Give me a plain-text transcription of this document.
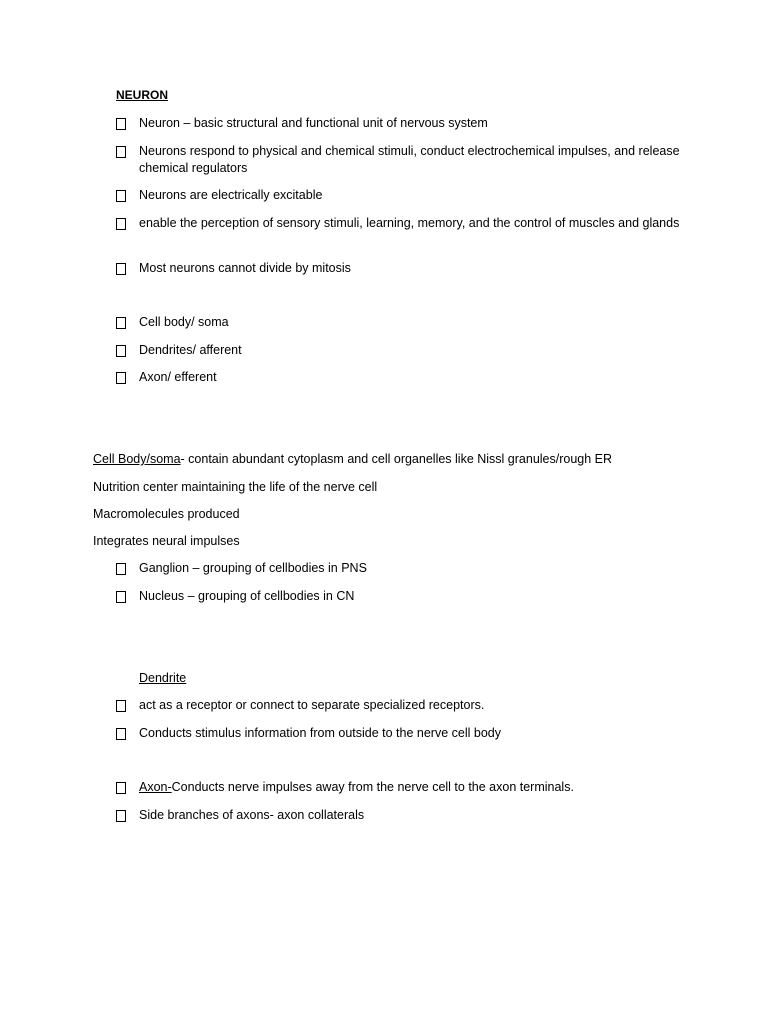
NEURON
Neuron – basic structural and functional unit of nervous system
Neurons respond to physical and chemical stimuli, conduct electrochemical impulses, and release chemical regulators
Neurons are electrically excitable
enable the perception of sensory stimuli, learning, memory, and the control of muscles and glands
Most neurons cannot divide by mitosis
Cell body/ soma
Dendrites/ afferent
Axon/ efferent
Cell Body/soma- contain abundant cytoplasm and cell organelles like Nissl granules/rough ER
Nutrition center maintaining the life of the nerve cell
Macromolecules produced
Integrates neural impulses
Ganglion – grouping of cellbodies in PNS
Nucleus – grouping of cellbodies in CN
Dendrite
act as a receptor or connect to separate specialized receptors.
Conducts stimulus information from outside to the nerve cell body
Axon-Conducts nerve impulses away from the nerve cell to the axon terminals.
Side branches of axons- axon collaterals
